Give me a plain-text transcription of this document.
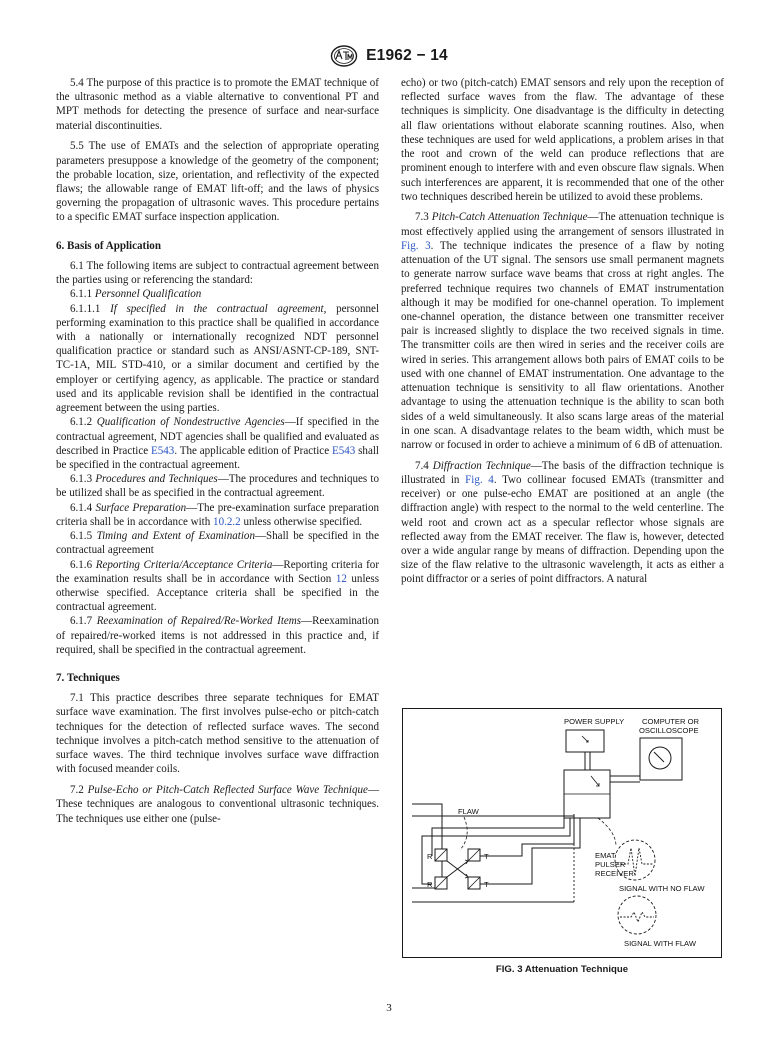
E1962 − 14

5.4 The purpose of this practice is to promote the EMAT technique of the ultrasonic method as a viable alternative to conventional PT and MPT methods for detecting the presence of surface and near-surface material discontinuities.

5.5 The use of EMATs and the selection of appropriate operating parameters presuppose a knowledge of the geometry of the component; the probable location, size, orientation, and reflectivity of the expected flaws; the allowable range of EMAT lift-off; and the laws of physics governing the propagation of ultrasonic waves. This procedure pertains to a specific EMAT surface inspection application.

6. Basis of Application

6.1 The following items are subject to contractual agreement between the parties using or referencing the standard:

6.1.1 Personnel Qualification

6.1.1.1 If specified in the contractual agreement, personnel performing examination to this practice shall be qualified in accordance with a nationally or internationally recognized NDT personnel qualification practice or standard such as ANSI/ASNT-CP-189, SNT-TC-1A, MIL STD-410, or a similar document and certified by the employer or certifying agency, as applicable. The practice or standard used and its applicable revision shall be identified in the contractual agreement between the using parties.

6.1.2 Qualification of Nondestructive Agencies—If specified in the contractual agreement, NDT agencies shall be qualified and evaluated as described in Practice E543. The applicable edition of Practice E543 shall be specified in the contractual agreement.

6.1.3 Procedures and Techniques—The procedures and techniques to be utilized shall be as specified in the contractual agreement.

6.1.4 Surface Preparation—The pre-examination surface preparation criteria shall be in accordance with 10.2.2 unless otherwise specified.

6.1.5 Timing and Extent of Examination—Shall be specified in the contractual agreement

6.1.6 Reporting Criteria/Acceptance Criteria—Reporting criteria for the examination results shall be in accordance with Section 12 unless otherwise specified. Acceptance criteria shall be specified in the contractual agreement.

6.1.7 Reexamination of Repaired/Re-Worked Items—Reexamination of repaired/re-worked items is not addressed in this practice and, if required, shall be specified in the contractual agreement.

7. Techniques

7.1 This practice describes three separate techniques for EMAT surface wave examination. The first involves pulse-echo or pitch-catch techniques for the detection of reflected surface waves. The second technique involves a pitch-catch method sensitive to the attenuation of surface waves. The third technique involves surface wave diffraction with focused meander coils.

7.2 Pulse-Echo or Pitch-Catch Reflected Surface Wave Technique—These techniques are analogous to conventional ultrasonic techniques. The techniques use either one (pulse-

echo) or two (pitch-catch) EMAT sensors and rely upon the reception of reflected surface waves from the flaw. The advantage of these techniques is simplicity. One disadvantage is the difficulty in detecting all flaw orientations without elaborate scanning routines. Also, when these techniques are used for weld applications, a problem arises in that the root and crown of the weld can produce reflections that are prominent enough to interfere with and even obscure flaw signals. When such interferences are apparent, it is recommended that one of the other two techniques described herein be utilized to avoid these problems.

7.3 Pitch-Catch Attenuation Technique—The attenuation technique is most effectively applied using the arrangement of sensors illustrated in Fig. 3. The technique indicates the presence of a flaw by noting attenuation of the UT signal. The sensors use small permanent magnets to generate narrow surface wave beams that cross at right angles. The preferred technique requires two channels of EMAT instrumentation although it may be modified for one-channel operation. To implement one-channel operation, the distance between one transmitter receiver pair is increased slightly to displace the two received signals in time. The transmitter coils are then wired in series and the receiver coils are wired in series. This arrangement allows both pairs of EMAT coils to be used with one channel of EMAT instrumentation. One advantage to the attenuation technique is sensitivity to all flaw orientations. Another advantage to using the attenuation technique is the ability to scan both sides of a weld simultaneously. It also scans large areas of the material in one scan. A disadvantage relates to the beam width, which must be narrow or focused in order to achieve a minimum of 6 dB of attenuation.

7.4 Diffraction Technique—The basis of the diffraction technique is illustrated in Fig. 4. Two collinear focused EMATs (transmitter and receiver) or one pulse-echo EMAT are positioned at an angle (the diffraction angle) with respect to the normal to the weld centerline. The weld root and crown act as a specular reflector whose signals are reflected away from the EMAT receiver. The flaw is, however, detected over a wide angular range by means of diffraction. Depending upon the size of the flaw relative to the ultrasonic wavelength, it acts as either a point diffractor or a series of point diffractors. A natural

POWER SUPPLY COMPUTER OR
OSCILLOSCOPE
EMAT
PULSER
RECEIVER
FLAW
R	T
R	T	SIGNAL WITH NO FLAW
SIGNAL WITH FLAW
FIG. 3 Attenuation Technique
3
